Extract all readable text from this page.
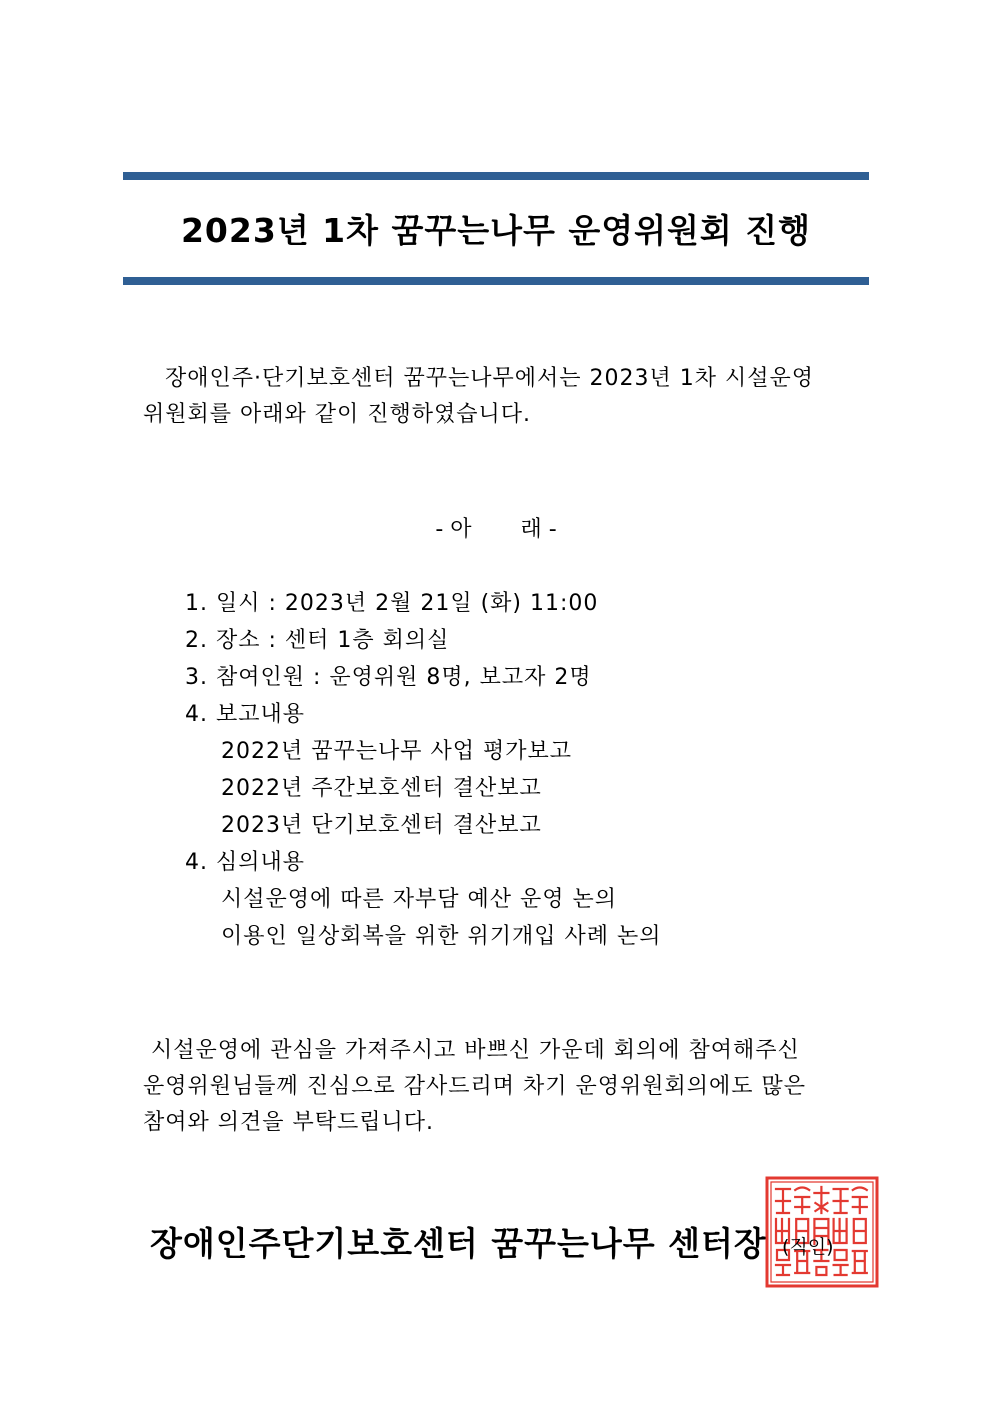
2023년 1차 꿈꾸는나무 운영위원회 진행
장애인주·단기보호센터 꿈꾸는나무에서는 2023년 1차 시설운영
위원회를 아래와 같이 진행하였습니다.
- 아       래 -
1. 일시 : 2023년 2월 21일 (화) 11:00
2. 장소 : 센터 1층 회의실
3. 참여인원 : 운영위원 8명, 보고자 2명
4. 보고내용
2022년 꿈꾸는나무 사업 평가보고
2022년 주간보호센터 결산보고
2023년 단기보호센터 결산보고
4. 심의내용
시설운영에 따른 자부담 예산 운영 논의
이용인 일상회복을 위한 위기개입 사례 논의
시설운영에 관심을 가져주시고 바쁘신 가운데 회의에 참여해주신
운영위원님들께 진심으로 감사드리며 차기 운영위원회의에도 많은
참여와 의견을 부탁드립니다.
장애인주단기보호센터 꿈꾸는나무 센터장 (직인)
